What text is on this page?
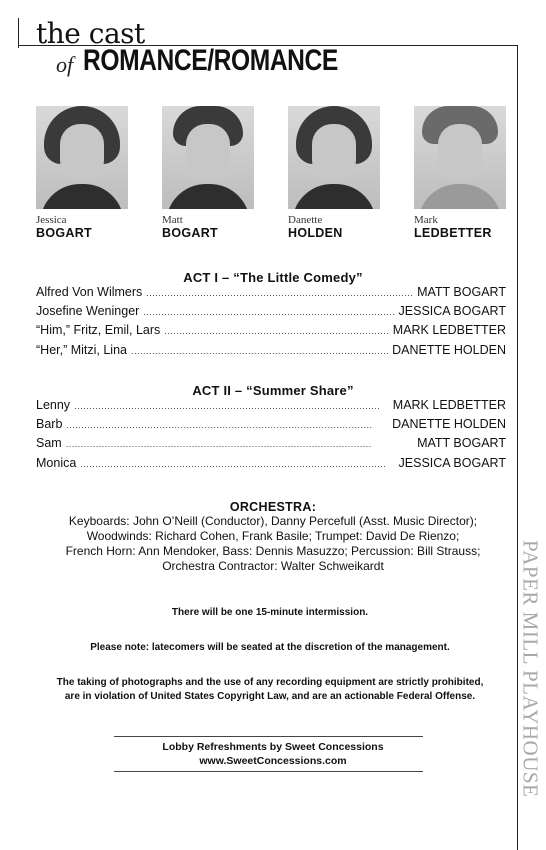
the cast
of ROMANCE/ROMANCE
Jessica
BOGART
Matt
BOGART
Danette
HOLDEN
Mark
LEDBETTER
ACT I – “The Little Comedy”
Alfred Von Wilmers . . .	MATT BOGART
Josefine Weninger . . .	JESSICA BOGART
“Him,” Fritz, Emil, Lars . . .	MARK LEDBETTER
“Her,” Mitzi, Lina . . .	DANETTE HOLDEN
ACT II – “Summer Share”
Lenny . . .	MARK LEDBETTER
Barb . . .	DANETTE HOLDEN
Sam . . .	MATT BOGART
Monica . . .	JESSICA BOGART
ORCHESTRA:
Keyboards: John O’Neill (Conductor), Danny Percefull (Asst. Music Director);
Woodwinds: Richard Cohen, Frank Basile; Trumpet: David De Rienzo;
French Horn: Ann Mendoker, Bass: Dennis Masuzzo; Percussion: Bill Strauss;
Orchestra Contractor: Walter Schweikardt
There will be one 15-minute intermission.
Please note: latecomers will be seated at the discretion of the management.
The taking of photographs and the use of any recording equipment are strictly prohibited,
are in violation of United States Copyright Law, and are an actionable Federal Offense.
Lobby Refreshments by Sweet Concessions
www.SweetConcessions.com	PAPER MILL PLAYHOUSE
